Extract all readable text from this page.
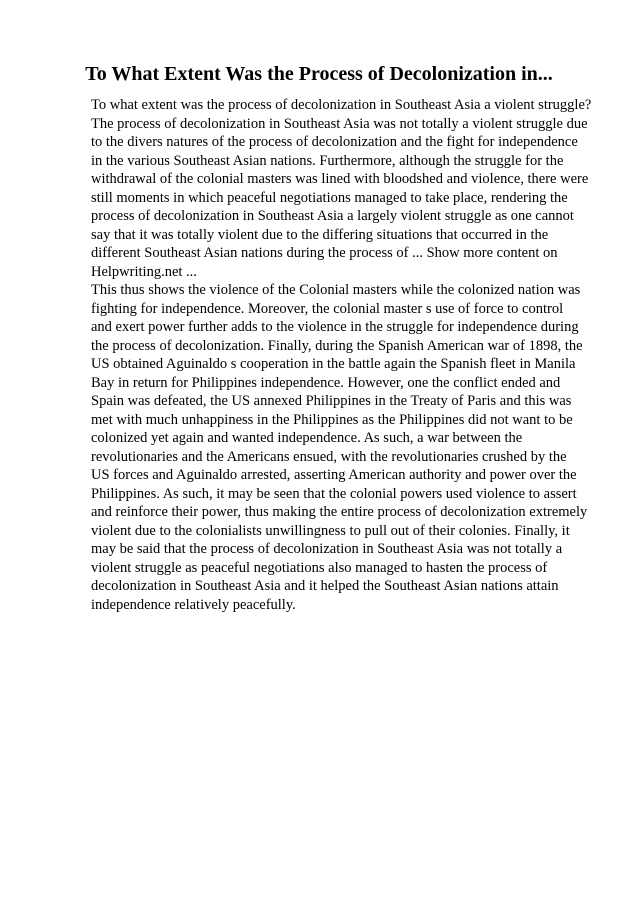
To What Extent Was the Process of Decolonization in...
To what extent was the process of decolonization in Southeast Asia a violent struggle?
The process of decolonization in Southeast Asia was not totally a violent struggle due
to the divers natures of the process of decolonization and the fight for independence
in the various Southeast Asian nations. Furthermore, although the struggle for the
withdrawal of the colonial masters was lined with bloodshed and violence, there were
still moments in which peaceful negotiations managed to take place, rendering the
process of decolonization in Southeast Asia a largely violent struggle as one cannot
say that it was totally violent due to the differing situations that occurred in the
different Southeast Asian nations during the process of ... Show more content on
Helpwriting.net ...
This thus shows the violence of the Colonial masters while the colonized nation was
fighting for independence. Moreover, the colonial master s use of force to control
and exert power further adds to the violence in the struggle for independence during
the process of decolonization. Finally, during the Spanish American war of 1898, the
US obtained Aguinaldo s cooperation in the battle again the Spanish fleet in Manila
Bay in return for Philippines independence. However, one the conflict ended and
Spain was defeated, the US annexed Philippines in the Treaty of Paris and this was
met with much unhappiness in the Philippines as the Philippines did not want to be
colonized yet again and wanted independence. As such, a war between the
revolutionaries and the Americans ensued, with the revolutionaries crushed by the
US forces and Aguinaldo arrested, asserting American authority and power over the
Philippines. As such, it may be seen that the colonial powers used violence to assert
and reinforce their power, thus making the entire process of decolonization extremely
violent due to the colonialists unwillingness to pull out of their colonies. Finally, it
may be said that the process of decolonization in Southeast Asia was not totally a
violent struggle as peaceful negotiations also managed to hasten the process of
decolonization in Southeast Asia and it helped the Southeast Asian nations attain
independence relatively peacefully.
